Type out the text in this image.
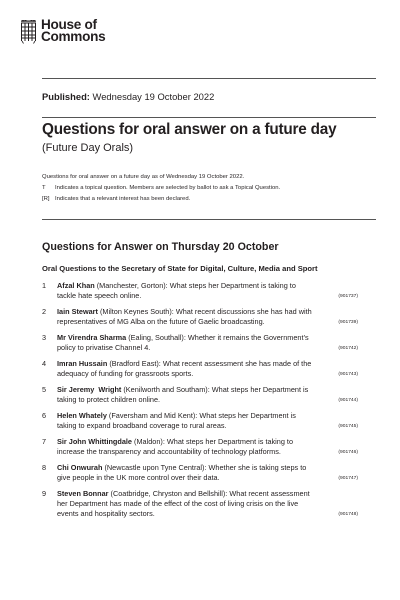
House of
Commons
Published: Wednesday 19 October 2022
Questions for oral answer on a future day
(Future Day Orals)
Questions for oral answer on a future day as of Wednesday 19 October 2022.
T	Indicates a topical question. Members are selected by ballot to ask a Topical Question.
[R] Indicates that a relevant interest has been declared.
Questions for Answer on Thursday 20 October
Oral Questions to the Secretary of State for Digital, Culture, Media and Sport
1	Afzal Khan (Manchester, Gorton): What steps her Department is taking to tackle hate speech online.	(901737)
2	Iain Stewart (Milton Keynes South): What recent discussions she has had with representatives of MG Alba on the future of Gaelic broadcasting.	(901739)
3	Mr Virendra Sharma (Ealing, Southall): Whether it remains the Government’s policy to privatise Channel 4.	(901742)
4	Imran Hussain (Bradford East): What recent assessment she has made of the adequacy of funding for grassroots sports.	(901743)
5	Sir Jeremy  Wright (Kenilworth and Southam): What steps her Department is taking to protect children online.	(901744)
6	Helen Whately (Faversham and Mid Kent): What steps her Department is taking to expand broadband coverage to rural areas.	(901745)
7	Sir John Whittingdale (Maldon): What steps her Department is taking to increase the transparency and accountability of technology platforms.	(901746)
8	Chi Onwurah (Newcastle upon Tyne Central): Whether she is taking steps to give people in the UK more control over their data.	(901747)
9	Steven Bonnar (Coatbridge, Chryston and Bellshill): What recent assessment her Department has made of the effect of the cost of living crisis on the live events and hospitality sectors.	(901748)
